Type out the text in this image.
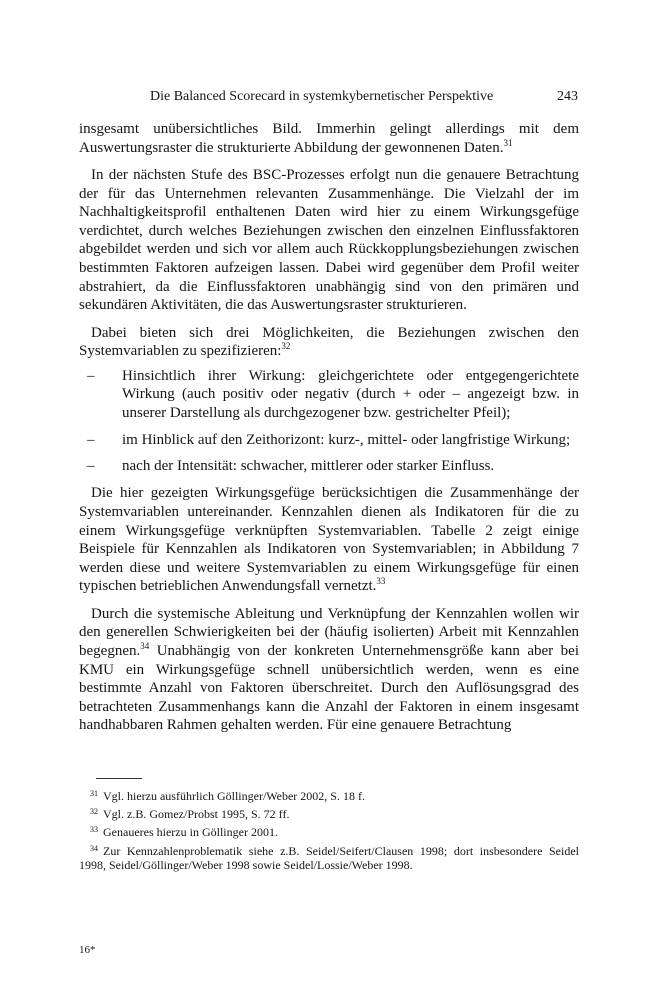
Die Balanced Scorecard in systemkybernetischer Perspektive	243

insgesamt unübersichtliches Bild. Immerhin gelingt allerdings mit dem Auswertungsraster die strukturierte Abbildung der gewonnenen Daten.$^{31}$

In der nächsten Stufe des BSC-Prozesses erfolgt nun die genauere Betrachtung der für das Unternehmen relevanten Zusammenhänge. Die Vielzahl der im Nachhaltigkeitsprofil enthaltenen Daten wird hier zu einem Wirkungsgefüge verdichtet, durch welches Beziehungen zwischen den einzelnen Einflussfaktoren abgebildet werden und sich vor allem auch Rückkopplungsbeziehungen zwischen bestimmten Faktoren aufzeigen lassen. Dabei wird gegenüber dem Profil weiter abstrahiert, da die Einflussfaktoren unabhängig sind von den primären und sekundären Aktivitäten, die das Auswertungsraster strukturieren.

Dabei bieten sich drei Möglichkeiten, die Beziehungen zwischen den Systemvariablen zu spezifizieren:$^{32}$

– Hinsichtlich ihrer Wirkung: gleichgerichtete oder entgegengerichtete Wirkung (auch positiv oder negativ (durch + oder – angezeigt bzw. in unserer Darstellung als durchgezogener bzw. gestrichelter Pfeil);
– im Hinblick auf den Zeithorizont: kurz-, mittel- oder langfristige Wirkung;
– nach der Intensität: schwacher, mittlerer oder starker Einfluss.

Die hier gezeigten Wirkungsgefüge berücksichtigen die Zusammenhänge der Systemvariablen untereinander. Kennzahlen dienen als Indikatoren für die zu einem Wirkungsgefüge verknüpften Systemvariablen. Tabelle 2 zeigt einige Beispiele für Kennzahlen als Indikatoren von Systemvariablen; in Abbildung 7 werden diese und weitere Systemvariablen zu einem Wirkungsgefüge für einen typischen betrieblichen Anwendungsfall vernetzt.$^{33}$

Durch die systemische Ableitung und Verknüpfung der Kennzahlen wollen wir den generellen Schwierigkeiten bei der (häufig isolierten) Arbeit mit Kennzahlen begegnen.$^{34}$ Unabhängig von der konkreten Unternehmensgröße kann aber bei KMU ein Wirkungsgefüge schnell unübersichtlich werden, wenn es eine bestimmte Anzahl von Faktoren überschreitet. Durch den Auflösungsgrad des betrachteten Zusammenhangs kann die Anzahl der Faktoren in einem insgesamt handhabbaren Rahmen gehalten werden. Für eine genauere Betrachtung

31 Vgl. hierzu ausführlich Göllinger/Weber 2002, S. 18 f.
32 Vgl. z.B. Gomez/Probst 1995, S. 72 ff.
33 Genaueres hierzu in Göllinger 2001.
34 Zur Kennzahlenproblematik siehe z.B. Seidel/Seifert/Clausen 1998; dort insbesondere Seidel 1998, Seidel/Göllinger/Weber 1998 sowie Seidel/Lossie/Weber 1998.
16*
